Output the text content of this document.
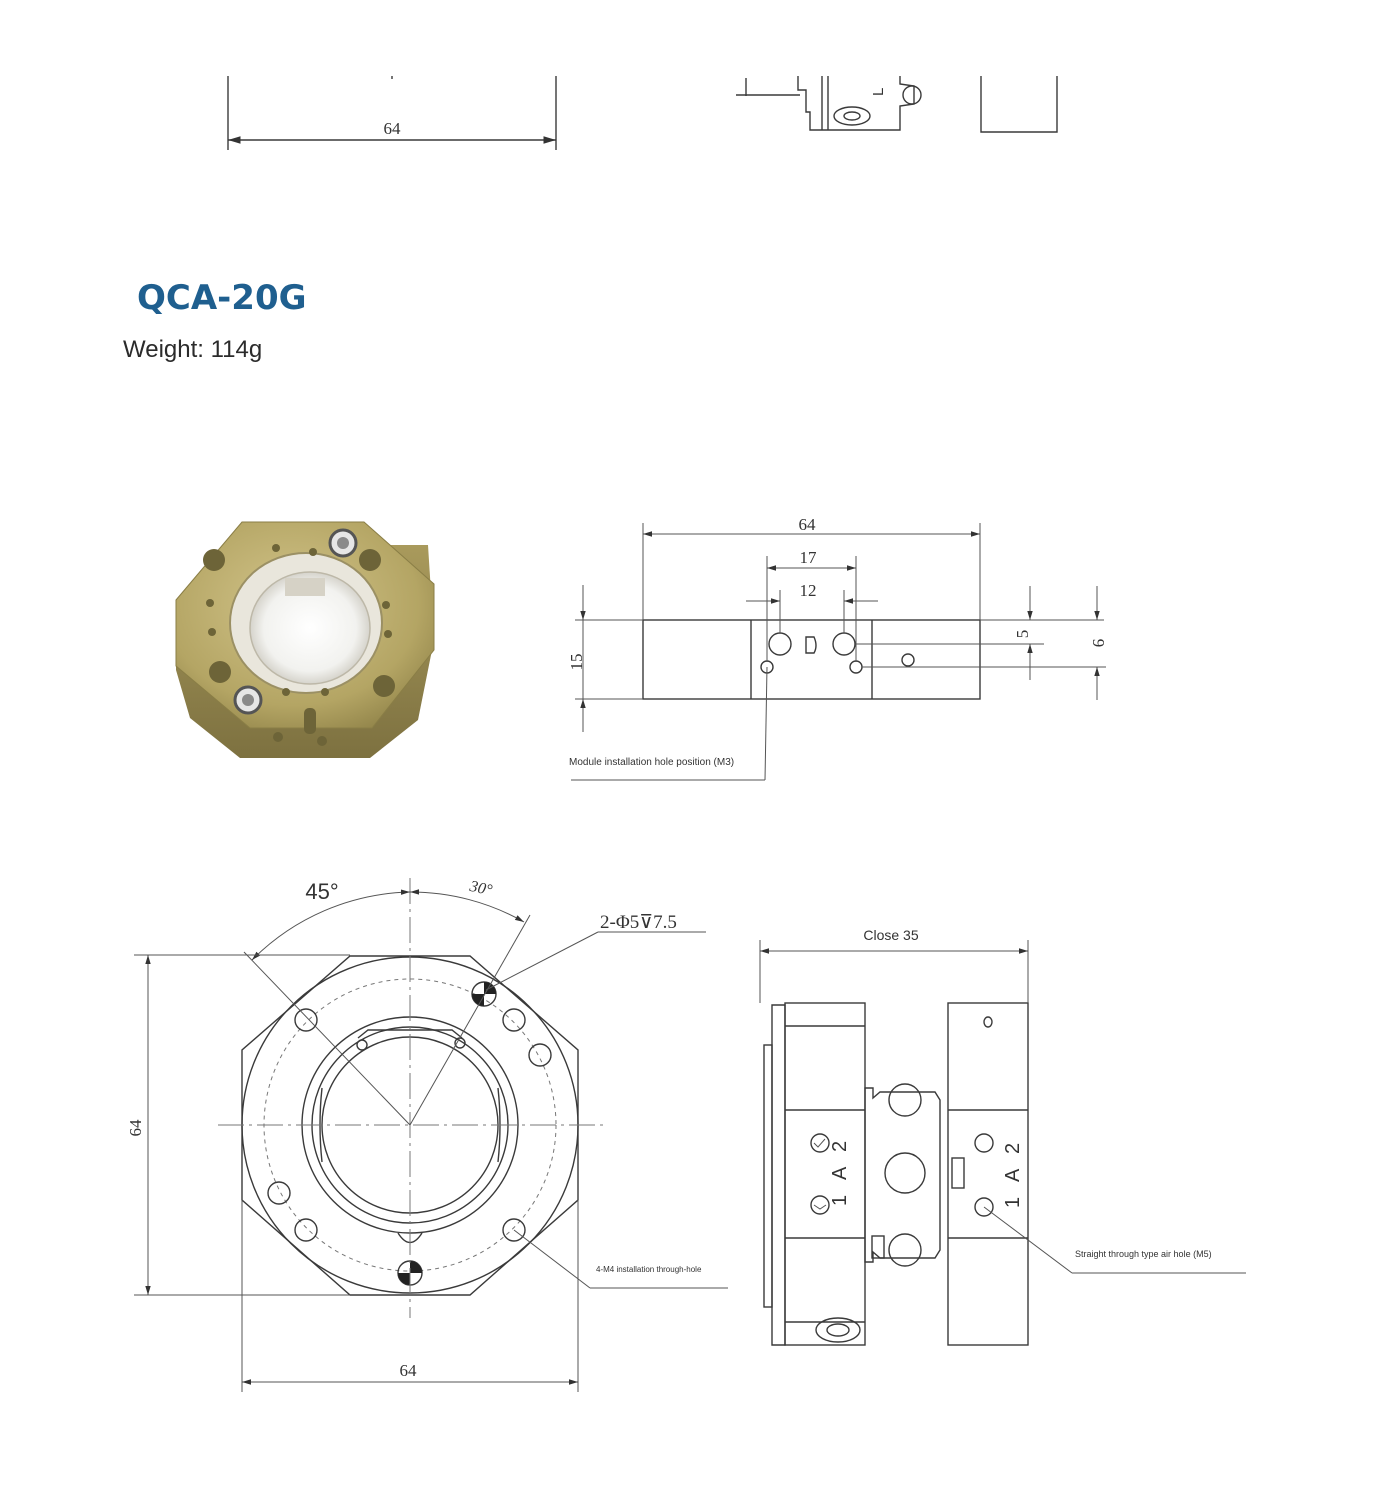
QCA-20G
Weight: 114g
64
L
64
17
12
15
5
9
Module installation hole position (M3)
45°	30°
2-Φ5⊽7.5
64
64
4-M4 installation through-hole
1
A
2
1
A
2
Close 35
Straight through type air hole (M5)
